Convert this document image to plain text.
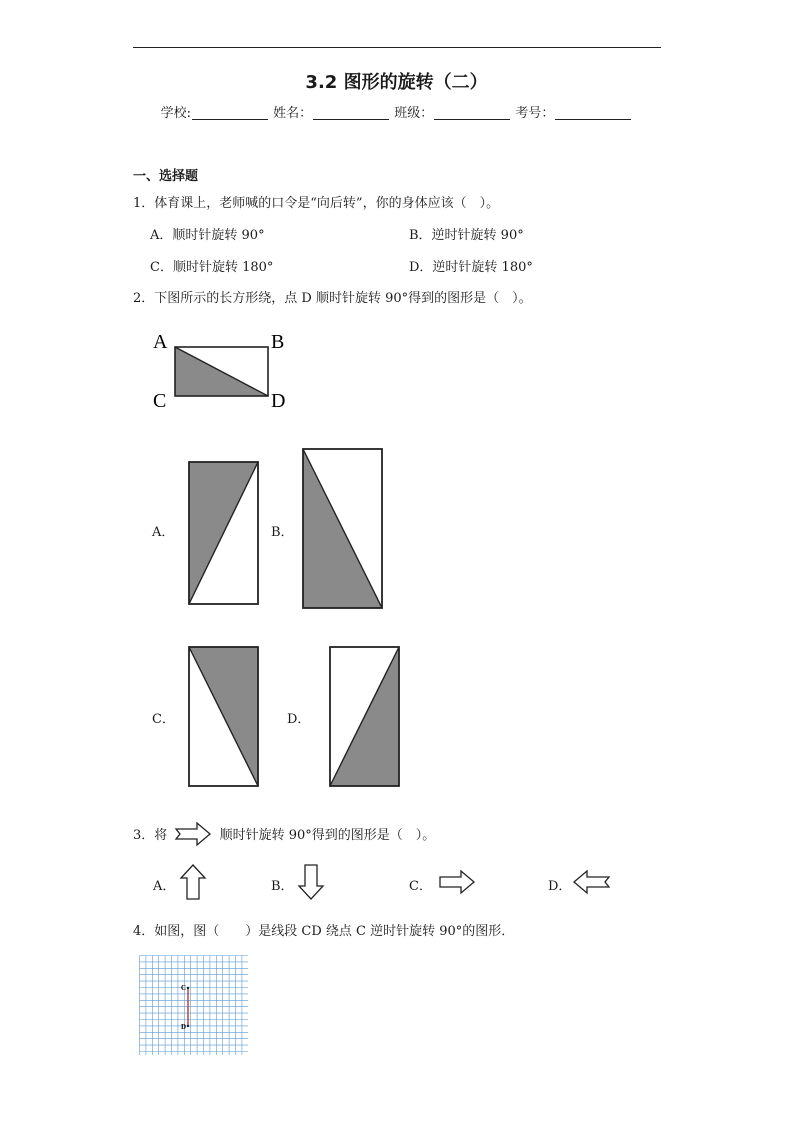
3.2 图形的旋转（二）
学校:	姓名：	班级：	考号：
一、选择题
1．体育课上，老师喊的口令是“向后转”，你的身体应该（　）。
A．顺时针旋转 90°	B．逆时针旋转 90°
C．顺时针旋转 180°	D．逆时针旋转 180°
2．下图所示的长方形绕，点 D 顺时针旋转 90°得到的图形是（　）。
A	B
C	D
A．	B．
C．	D．
3．将	顺时针旋转 90°得到的图形是（　）。
A．	B．	C．	D．
4．如图，图（　　）是线段 CD 绕点 C 逆时针旋转 90°的图形．
C
D
